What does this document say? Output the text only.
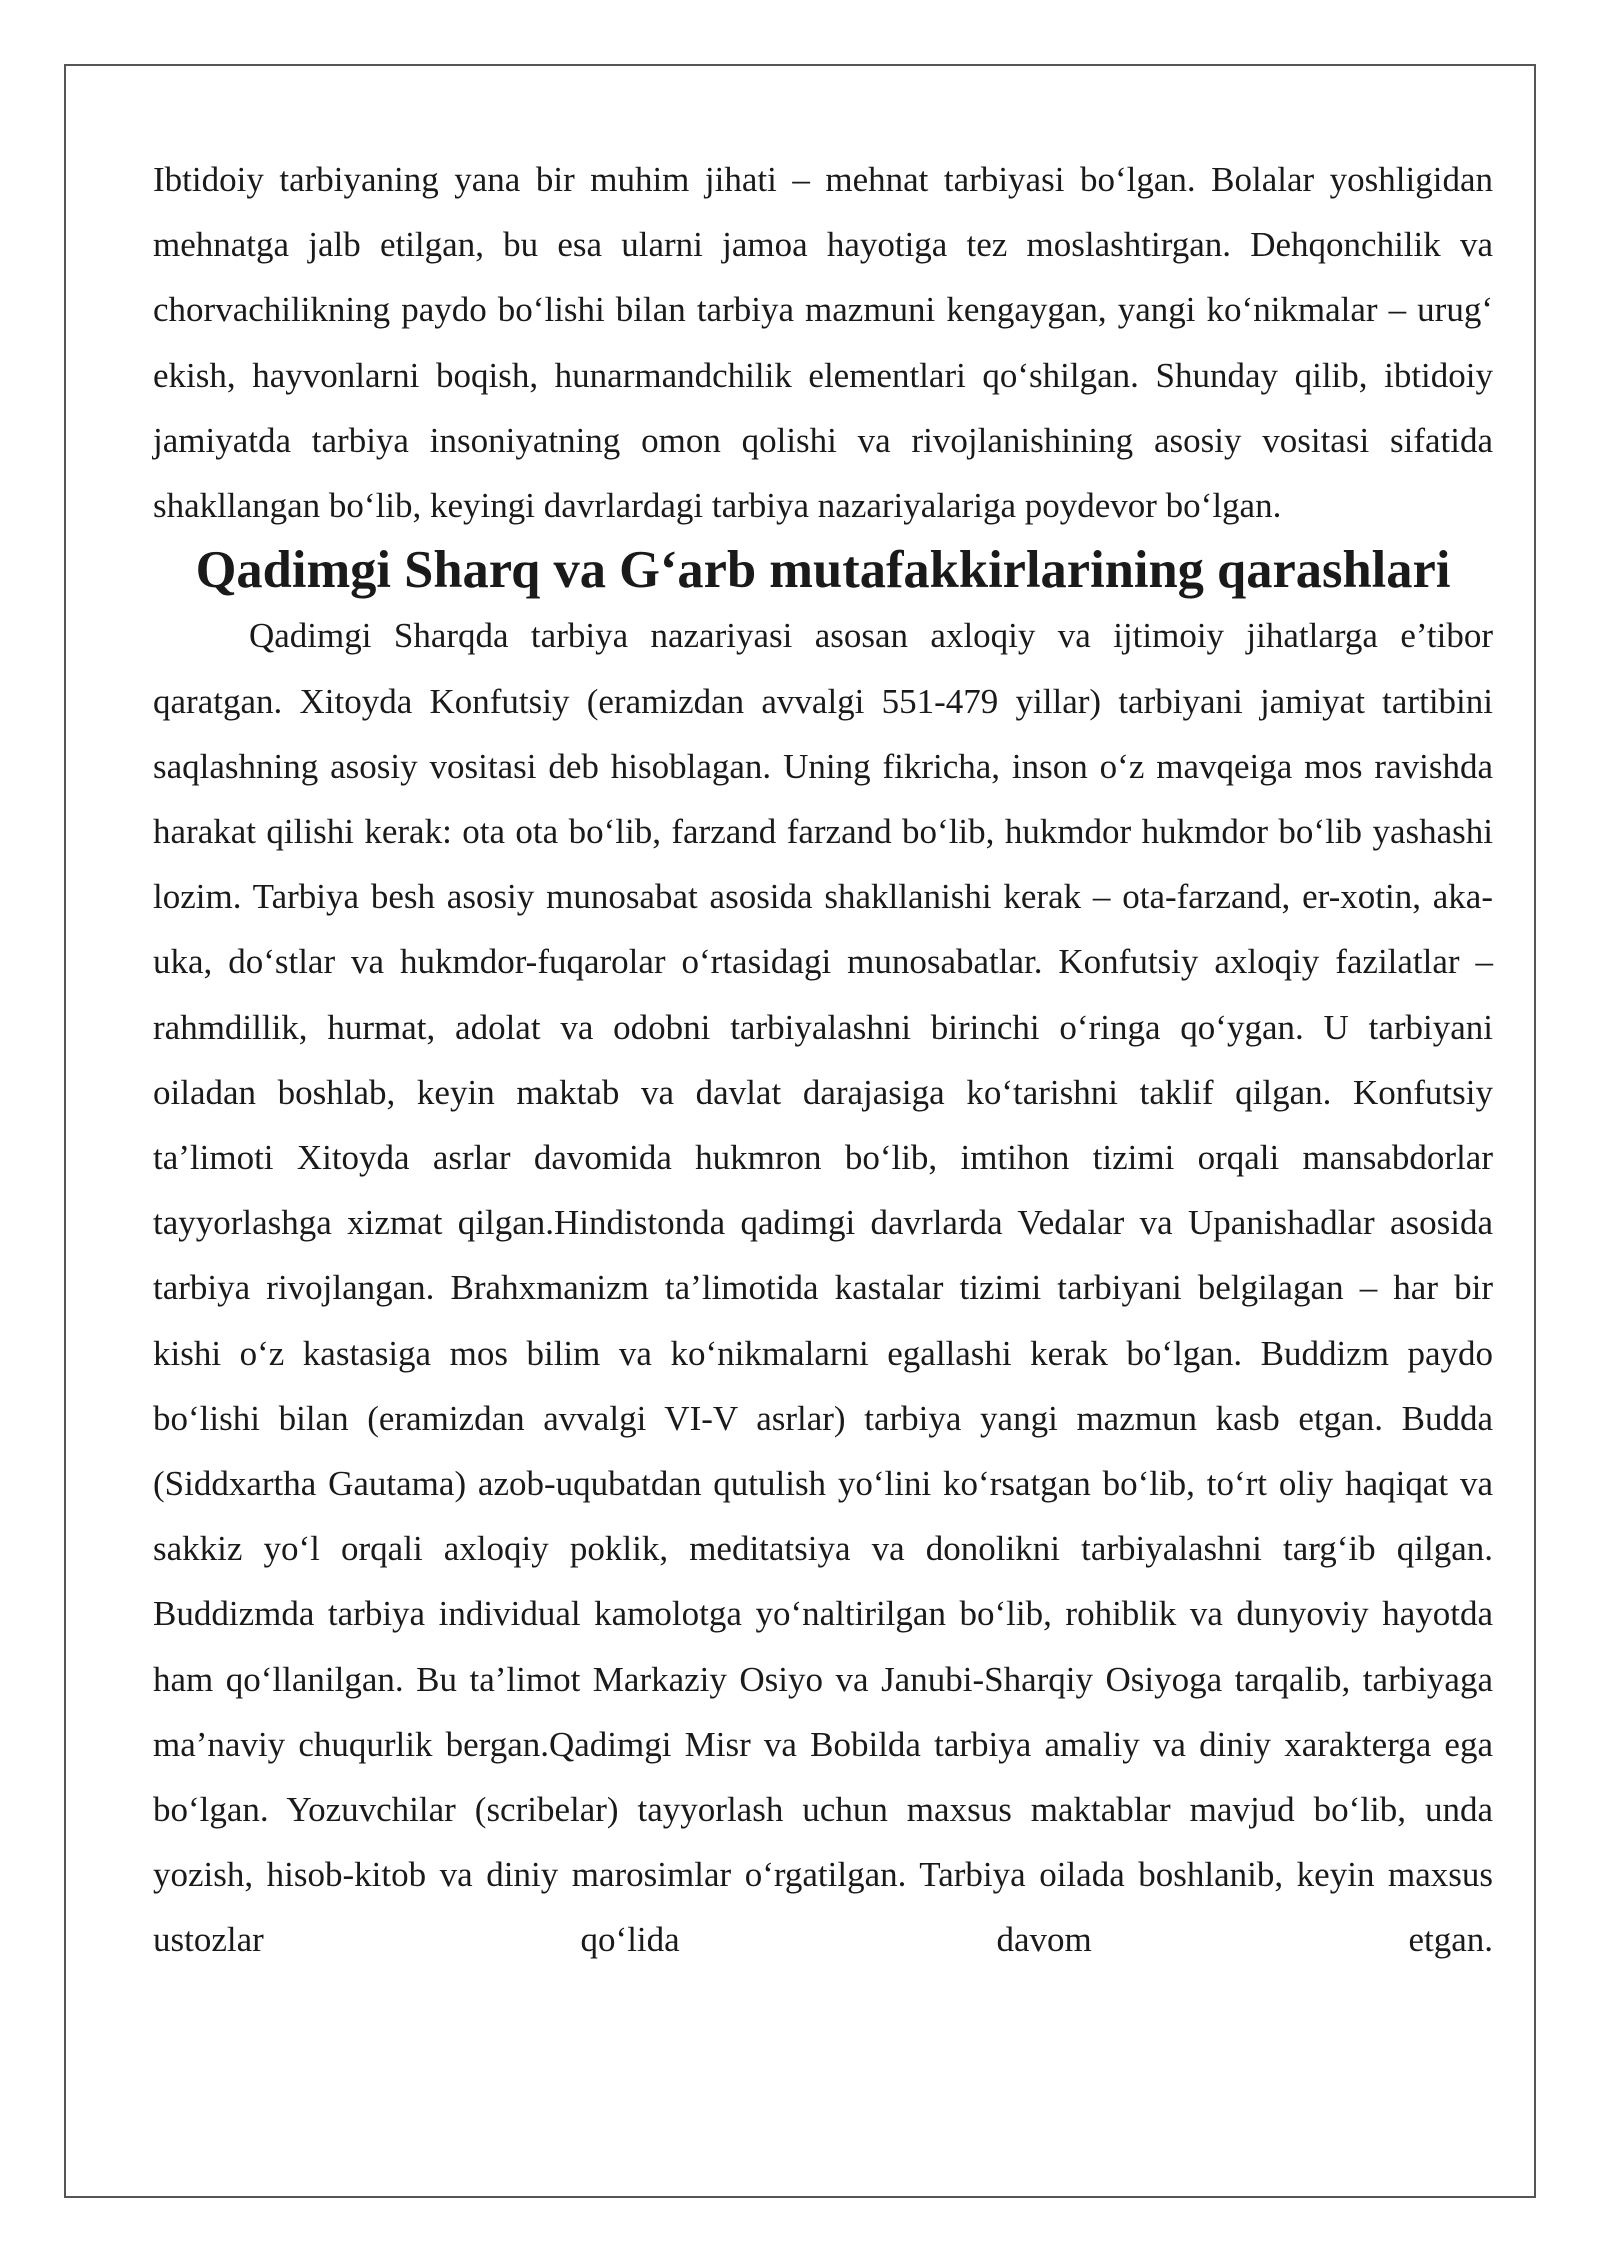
Ibtidoiy tarbiyaning yana bir muhim jihati – mehnat tarbiyasi bo‘lgan. Bolalar yoshligidan mehnatga jalb etilgan, bu esa ularni jamoa hayotiga tez moslashtirgan. Dehqonchilik va chorvachilikning paydo bo‘lishi bilan tarbiya mazmuni kengaygan, yangi ko‘nikmalar – urug‘ ekish, hayvonlarni boqish, hunarmandchilik elementlari qo‘shilgan. Shunday qilib, ibtidoiy jamiyatda tarbiya insoniyatning omon qolishi va rivojlanishining asosiy vositasi sifatida shakllangan bo‘lib, keyingi davrlardagi tarbiya nazariyalariga poydevor bo‘lgan.

Qadimgi Sharq va G‘arb mutafakkirlarining qarashlari

Qadimgi Sharqda tarbiya nazariyasi asosan axloqiy va ijtimoiy jihatlarga e’tibor qaratgan. Xitoyda Konfutsiy (eramizdan avvalgi 551-479 yillar) tarbiyani jamiyat tartibini saqlashning asosiy vositasi deb hisoblagan. Uning fikricha, inson o‘z mavqeiga mos ravishda harakat qilishi kerak: ota ota bo‘lib, farzand farzand bo‘lib, hukmdor hukmdor bo‘lib yashashi lozim. Tarbiya besh asosiy munosabat asosida shakllanishi kerak – ota-farzand, er-xotin, aka-uka, do‘stlar va hukmdor-fuqarolar o‘rtasidagi munosabatlar. Konfutsiy axloqiy fazilatlar – rahmdillik, hurmat, adolat va odobni tarbiyalashni birinchi o‘ringa qo‘ygan. U tarbiyani oiladan boshlab, keyin maktab va davlat darajasiga ko‘tarishni taklif qilgan. Konfutsiy ta’limoti Xitoyda asrlar davomida hukmron bo‘lib, imtihon tizimi orqali mansabdorlar tayyorlashga xizmat qilgan.Hindistonda qadimgi davrlarda Vedalar va Upanishadlar asosida tarbiya rivojlangan. Brahxmanizm ta’limotida kastalar tizimi tarbiyani belgilagan – har bir kishi o‘z kastasiga mos bilim va ko‘nikmalarni egallashi kerak bo‘lgan. Buddizm paydo bo‘lishi bilan (eramizdan avvalgi VI-V asrlar) tarbiya yangi mazmun kasb etgan. Budda (Siddxartha Gautama) azob-uqubatdan qutulish yo‘lini ko‘rsatgan bo‘lib, to‘rt oliy haqiqat va sakkiz yo‘l orqali axloqiy poklik, meditatsiya va donolikni tarbiyalashni targ‘ib qilgan. Buddizmda tarbiya individual kamolotga yo‘naltirilgan bo‘lib, rohiblik va dunyoviy hayotda ham qo‘llanilgan. Bu ta’limot Markaziy Osiyo va Janubi-Sharqiy Osiyoga tarqalib, tarbiyaga ma’naviy chuqurlik bergan.Qadimgi Misr va Bobilda tarbiya amaliy va diniy xarakterga ega bo‘lgan. Yozuvchilar (scribelar) tayyorlash uchun maxsus maktablar mavjud bo‘lib, unda yozish, hisob-kitob va diniy marosimlar o‘rgatilgan. Tarbiya oilada boshlanib, keyin maxsus ustozlar qo‘lida davom etgan.
